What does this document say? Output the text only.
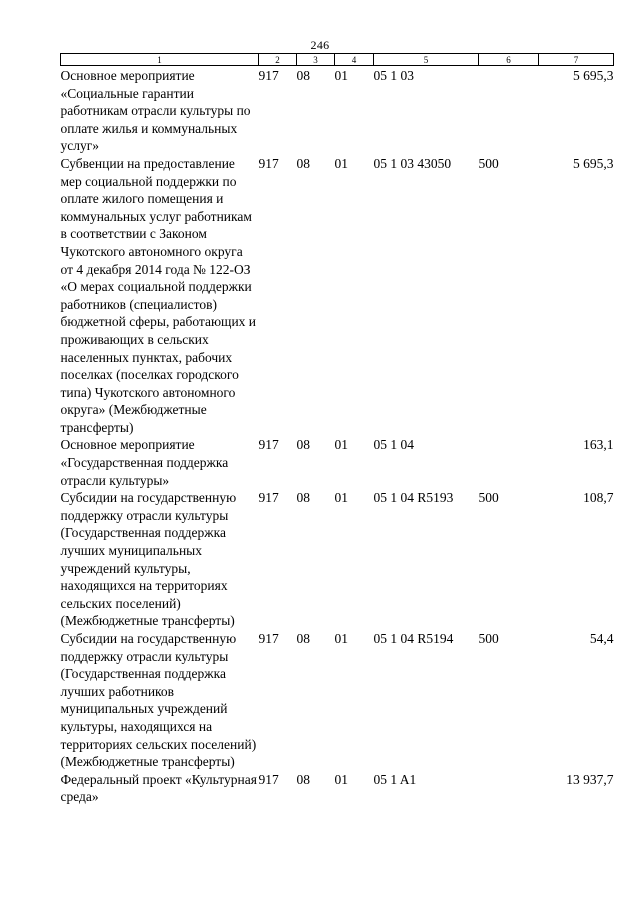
246
1	2	3	4	5	6	7
Основное мероприятие «Социальные гарантии работникам отрасли культуры по оплате жилья и коммунальных услуг»	917	08	01	05 1 03		5 695,3
Субвенции на предоставление мер социальной поддержки по оплате жилого помещения и коммунальных услуг работникам в соответствии с Законом Чукотского автономного округа от 4 декабря 2014 года № 122-ОЗ «О мерах социальной поддержки работников (специалистов) бюджетной сферы, работающих и проживающих в сельских населенных пунктах, рабочих поселках (поселках городского типа) Чукотского автономного округа» (Межбюджетные трансферты)	917	08	01	05 1 03 43050	500	5 695,3
Основное мероприятие «Государственная поддержка отрасли культуры»	917	08	01	05 1 04		163,1
Субсидии на государственную поддержку отрасли культуры (Государственная поддержка лучших муниципальных учреждений культуры, находящихся на территориях сельских поселений) (Межбюджетные трансферты)	917	08	01	05 1 04 R5193	500	108,7
Субсидии на государственную поддержку отрасли культуры (Государственная поддержка лучших работников муниципальных учреждений культуры, находящихся на территориях сельских поселений) (Межбюджетные трансферты)	917	08	01	05 1 04 R5194	500	54,4
Федеральный проект «Культурная среда»	917	08	01	05 1 A1		13 937,7
